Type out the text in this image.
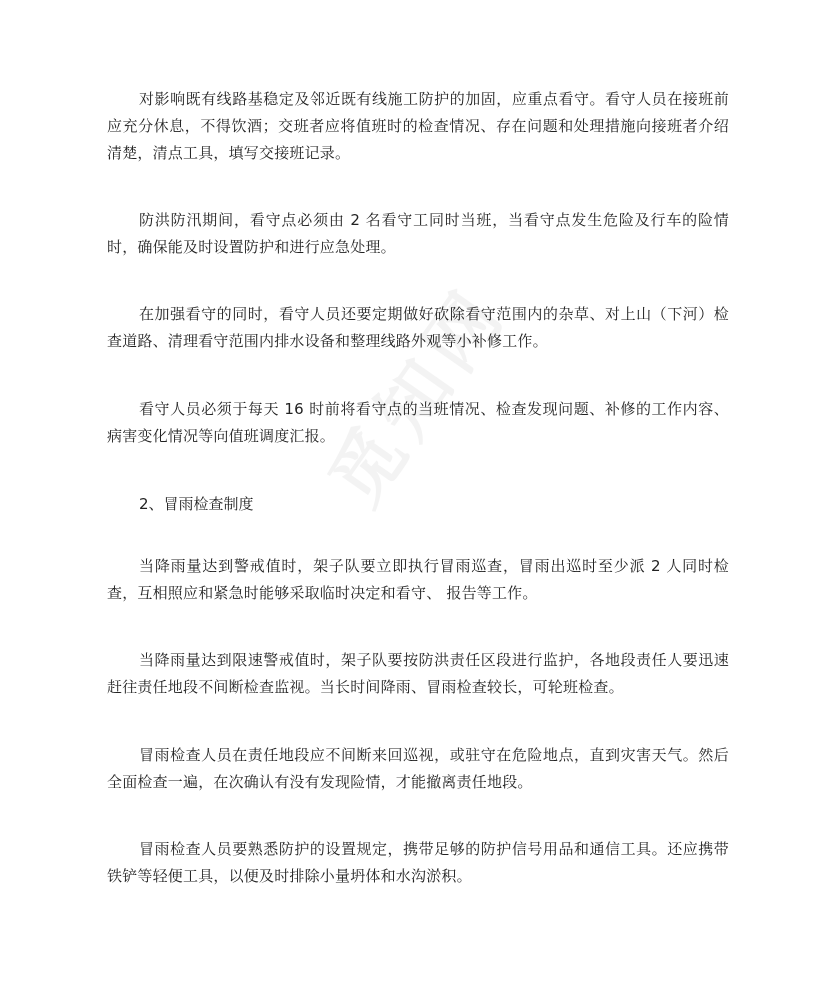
对影响既有线路基稳定及邻近既有线施工防护的加固，应重点看守。看守人员在接班前应充分休息，不得饮酒；交班者应将值班时的检查情况、存在问题和处理措施向接班者介绍清楚，清点工具，填写交接班记录。

防洪防汛期间，看守点必须由 2 名看守工同时当班，当看守点发生危险及行车的险情时，确保能及时设置防护和进行应急处理。

在加强看守的同时，看守人员还要定期做好砍除看守范围内的杂草、对上山（下河）检查道路、清理看守范围内排水设备和整理线路外观等小补修工作。

看守人员必须于每天 16 时前将看守点的当班情况、检查发现问题、补修的工作内容、病害变化情况等向值班调度汇报。

2、冒雨检查制度

当降雨量达到警戒值时，架子队要立即执行冒雨巡查，冒雨出巡时至少派 2 人同时检查，互相照应和紧急时能够采取临时决定和看守、 报告等工作。

当降雨量达到限速警戒值时，架子队要按防洪责任区段进行监护，各地段责任人要迅速赶往责任地段不间断检查监视。当长时间降雨、冒雨检查较长，可轮班检查。

冒雨检查人员在责任地段应不间断来回巡视，或驻守在危险地点，直到灾害天气。然后全面检查一遍，在次确认有没有发现险情，才能撤离责任地段。

冒雨检查人员要熟悉防护的设置规定，携带足够的防护信号用品和通信工具。还应携带铁铲等轻便工具，以便及时排除小量坍体和水沟淤积。
